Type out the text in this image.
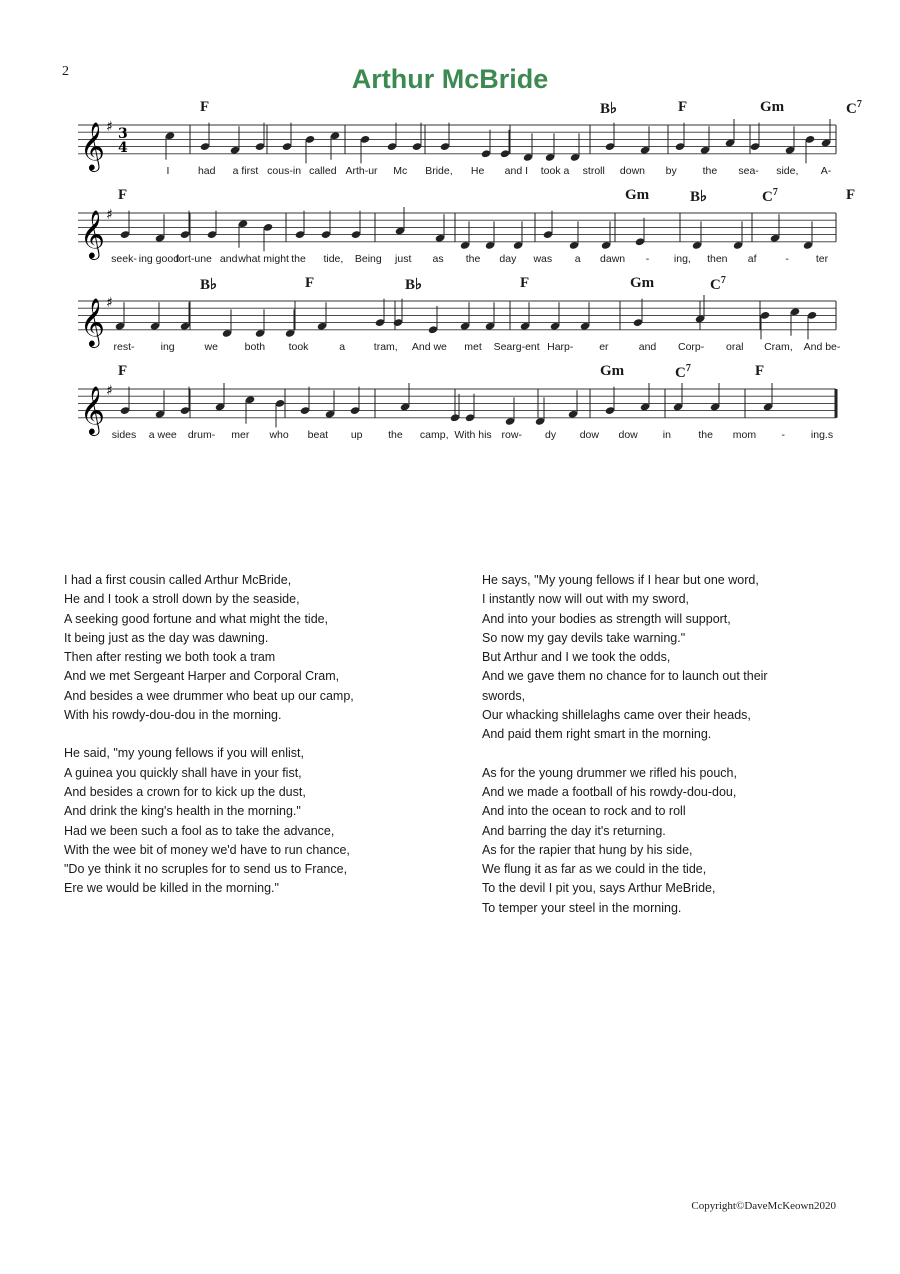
2	Arthur McBride
𝄞 ♯ 3
4
F	B♭	F	Gm	$C^7$
I	had a first cous-in called Arth-ur Mc Bride, He and I took a stroll down by the sea- side, A-
𝄞 ♯
F	Gm	B♭	$C^7$	F
seek- ing good
fort-une and what might the tide, Being just as the day was a dawn - ing, then af	-	ter
𝄞 ♯
B♭	F	B♭	F	Gm	$C^7$
rest- ing	we	both took	a	tram, And we met Searg-ent Harp- er	and Corp- oral Cram, And be-
𝄞 ♯
F	Gm	$C^7$	F
sides a wee drum- mer who beat up the camp, With his row- dy dow dow in	the mom - ing.s
I had a first cousin called Arthur McBride,
He and I took a stroll down by the seaside,
A seeking good fortune and what might the tide,
It being just as the day was dawning.
Then after resting we both took a tram
And we met Sergeant Harper and Corporal Cram,
And besides a wee drummer who beat up our camp,
With his rowdy-dou-dou in the morning.
He said, "my young fellows if you will enlist,
A guinea you quickly shall have in your fist,
And besides a crown for to kick up the dust,
And drink the king's health in the morning."
Had we been such a fool as to take the advance,
With the wee bit of money we'd have to run chance,
"Do ye think it no scruples for to send us to France,
Ere we would be killed in the morning."
He says, "My young fellows if I hear but one word,
I instantly now will out with my sword,
And into your bodies as strength will support,
So now my gay devils take warning."
But Arthur and I we took the odds,
And we gave them no chance for to launch out their
swords,
Our whacking shillelaghs came over their heads,
And paid them right smart in the morning.
As for the young drummer we rifled his pouch,
And we made a football of his rowdy-dou-dou,
And into the ocean to rock and to roll
And barring the day it's returning.
As for the rapier that hung by his side,
We flung it as far as we could in the tide,
To the devil I pit you, says Arthur MeBride,
To temper your steel in the morning.
Copyright©DaveMcKeown2020
